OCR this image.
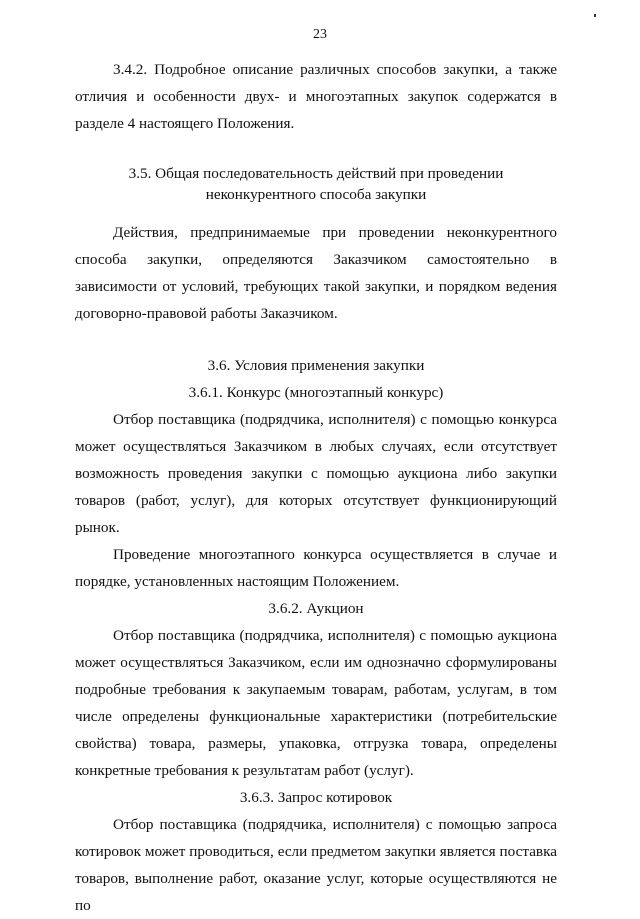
23

3.4.2. Подробное описание различных способов закупки, а также отличия и особенности двух- и многоэтапных закупок содержатся в разделе 4 настоящего Положения.

3.5. Общая последовательность действий при проведении
неконкурентного способа закупки

Действия, предпринимаемые при проведении неконкурентного способа закупки, определяются Заказчиком самостоятельно в зависимости от условий, требующих такой закупки, и порядком ведения договорно-правовой работы Заказчиком.

3.6. Условия применения закупки

3.6.1. Конкурс (многоэтапный конкурс)

Отбор поставщика (подрядчика, исполнителя) с помощью конкурса может осуществляться Заказчиком в любых случаях, если отсутствует возможность проведения закупки с помощью аукциона либо закупки товаров (работ, услуг), для которых отсутствует функционирующий рынок.

Проведение многоэтапного конкурса осуществляется в случае и порядке, установленных настоящим Положением.

3.6.2. Аукцион

Отбор поставщика (подрядчика, исполнителя) с помощью аукциона может осуществляться Заказчиком, если им однозначно сформулированы подробные требования к закупаемым товарам, работам, услугам, в том числе определены функциональные характеристики (потребительские свойства) товара, размеры, упаковка, отгрузка товара, определены конкретные требования к результатам работ (услуг).

3.6.3. Запрос котировок

Отбор поставщика (подрядчика, исполнителя) с помощью запроса котировок может проводиться, если предметом закупки является поставка товаров, выполнение работ, оказание услуг, которые осуществляются не по
